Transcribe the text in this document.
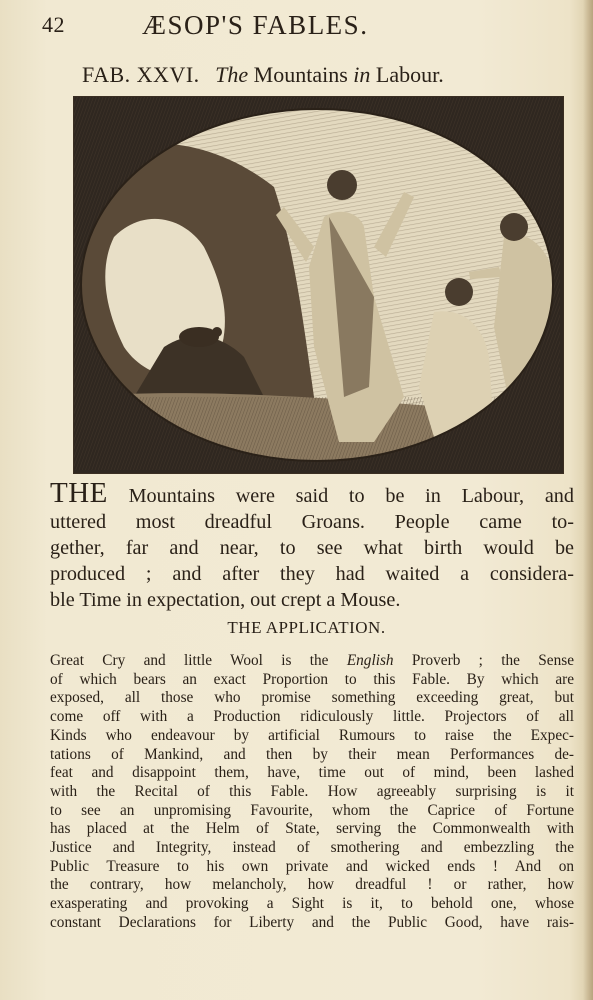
42	ÆSOP'S FABLES.
FAB. XXVI. The Mountains in Labour.
THE Mountains were said to be in Labour, and
uttered most dreadful Groans. People came to-
gether, far and near, to see what birth would be
produced ; and after they had waited a considera-
ble Time in expectation, out crept a Mouse.
THE APPLICATION.
Great Cry and little Wool is the English Proverb ; the Sense
of which bears an exact Proportion to this Fable. By which are
exposed, all those who promise something exceeding great, but
come off with a Production ridiculously little. Projectors of all
Kinds who endeavour by artificial Rumours to raise the Expec-
tations of Mankind, and then by their mean Performances de-
feat and disappoint them, have, time out of mind, been lashed
with the Recital of this Fable. How agreeably surprising is it
to see an unpromising Favourite, whom the Caprice of Fortune
has placed at the Helm of State, serving the Commonwealth with
Justice and Integrity, instead of smothering and embezzling the
Public Treasure to his own private and wicked ends ! And on
the contrary, how melancholy, how dreadful ! or rather, how
exasperating and provoking a Sight is it, to behold one, whose
constant Declarations for Liberty and the Public Good, have rais-
